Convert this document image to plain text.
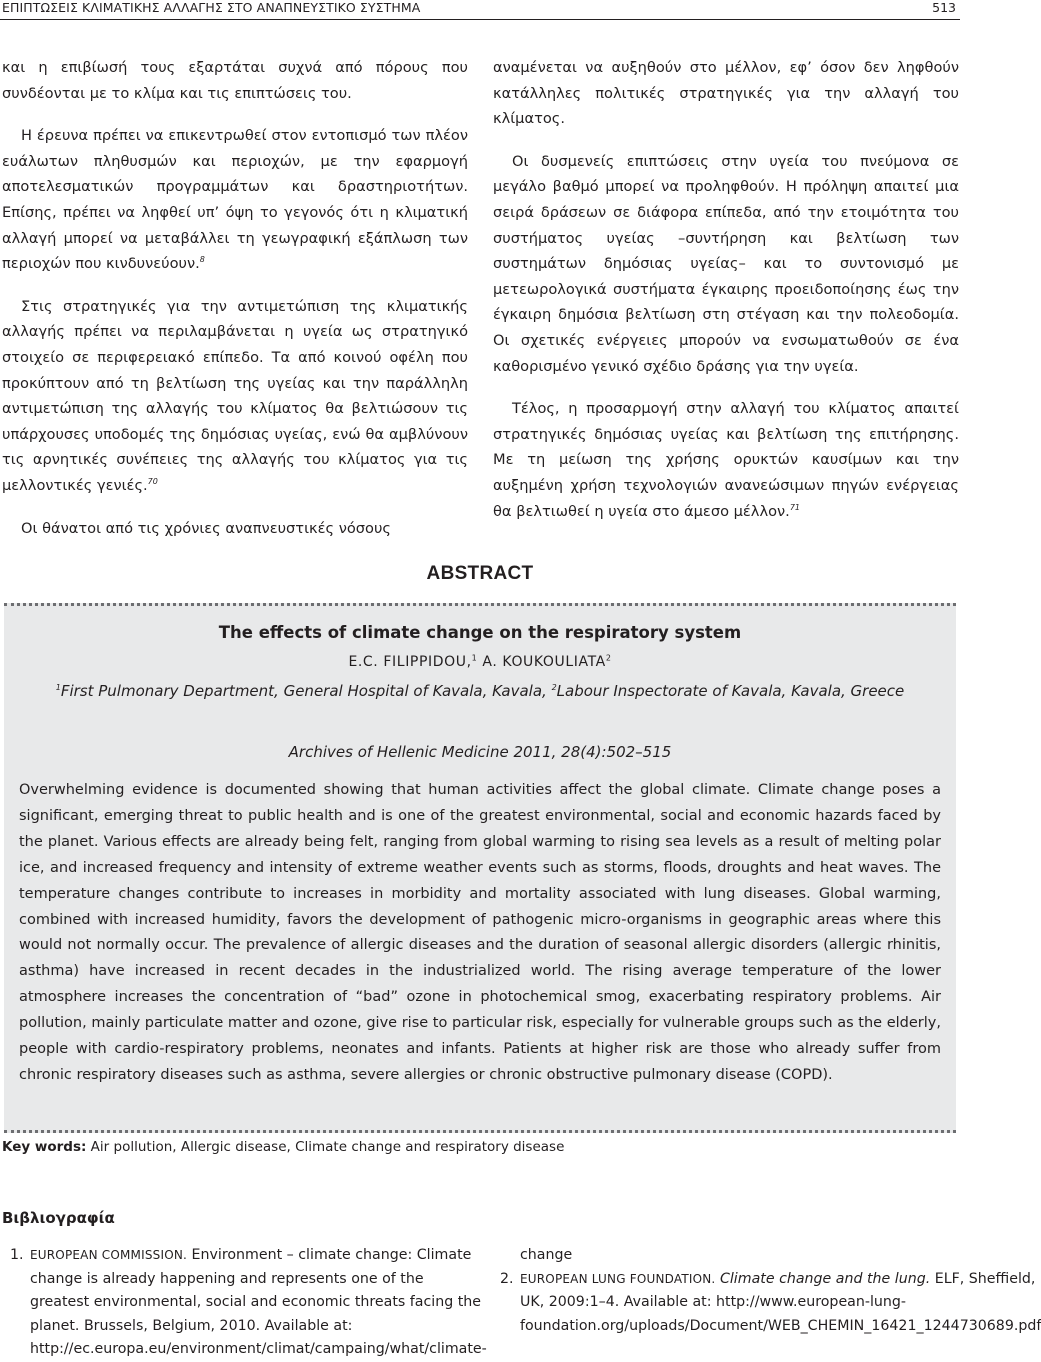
ΕΠΙΠΤΩΣΕΙΣ ΚΛΙΜΑΤΙΚΗΣ ΑΛΛΑΓΗΣ ΣΤΟ ΑΝΑΠΝΕΥΣΤΙΚΟ ΣΥΣΤΗΜΑ	513

και η επιβίωσή τους εξαρτάται συχνά από πόρους που συνδέονται με το κλίμα και τις επιπτώσεις του.

Η έρευνα πρέπει να επικεντρωθεί στον εντοπισμό των πλέον ευάλωτων πληθυσμών και περιοχών, με την εφαρμογή αποτελεσματικών προγραμμάτων και δραστηριοτήτων. Επίσης, πρέπει να ληφθεί υπ’ όψη το γεγονός ότι η κλιματική αλλαγή μπορεί να μεταβάλλει τη γεωγραφική εξάπλωση των περιοχών που κινδυνεύουν.$^8$

Στις στρατηγικές για την αντιμετώπιση της κλιματικής αλλαγής πρέπει να περιλαμβάνεται η υγεία ως στρατηγικό στοιχείο σε περιφερειακό επίπεδο. Τα από κοινού οφέλη που προκύπτουν από τη βελτίωση της υγείας και την παράλληλη αντιμετώπιση της αλλαγής του κλίματος θα βελτιώσουν τις υπάρχουσες υποδομές της δημόσιας υγείας, ενώ θα αμβλύνουν τις αρνητικές συνέπειες της αλλαγής του κλίματος για τις μελλοντικές γενιές.$^{70}$

Οι θάνατοι από τις χρόνιες αναπνευστικές νόσους

αναμένεται να αυξηθούν στο μέλλον, εφ’ όσον δεν ληφθούν κατάλληλες πολιτικές στρατηγικές για την αλλαγή του κλίματος.

Οι δυσμενείς επιπτώσεις στην υγεία του πνεύμονα σε μεγάλο βαθμό μπορεί να προληφθούν. Η πρόληψη απαιτεί μια σειρά δράσεων σε διάφορα επίπεδα, από την ετοιμότητα του συστήματος υγείας –συντήρηση και βελτίωση των συστημάτων δημόσιας υγείας– και το συντονισμό με μετεωρολογικά συστήματα έγκαιρης προειδοποίησης έως την έγκαιρη δημόσια βελτίωση στη στέγαση και την πολεοδομία. Οι σχετικές ενέργειες μπορούν να ενσωματωθούν σε ένα καθορισμένο γενικό σχέδιο δράσης για την υγεία.

Τέλος, η προσαρμογή στην αλλαγή του κλίματος απαιτεί στρατηγικές δημόσιας υγείας και βελτίωση της επιτήρησης. Με τη μείωση της χρήσης ορυκτών καυσίμων και την αυξημένη χρήση τεχνολογιών ανανεώσιμων πηγών ενέργειας θα βελτιωθεί η υγεία στο άμεσο μέλλον.$^{71}$

ABSTRACT
The effects of climate change on the respiratory system
E.C. FILIPPIDOU,$^1$ A. KOUKOULIATA$^2$
$^1$First Pulmonary Department, General Hospital of Kavala, Kavala, $^2$Labour Inspectorate of Kavala, Kavala, Greece
Archives of Hellenic Medicine 2011, 28(4):502–515
Overwhelming evidence is documented showing that human activities affect the global climate. Climate change poses a significant, emerging threat to public health and is one of the greatest environmental, social and economic hazards faced by the planet. Various effects are already being felt, ranging from global warming to rising sea levels as a result of melting polar ice, and increased frequency and intensity of extreme weather events such as storms, floods, droughts and heat waves. The temperature changes contribute to increases in morbidity and mortality associated with lung diseases. Global warming, combined with increased humidity, favors the development of pathogenic micro-organisms in geographic areas where this would not normally occur. The prevalence of allergic diseases and the duration of seasonal allergic disorders (allergic rhinitis, asthma) have increased in recent decades in the industrialized world. The rising average temperature of the lower atmosphere increases the concentration of “bad” ozone in photochemical smog, exacerbating respiratory problems. Air pollution, mainly particulate matter and ozone, give rise to particular risk, especially for vulnerable groups such as the elderly, people with cardio-respiratory problems, neonates and infants. Patients at higher risk are those who already suffer from chronic respiratory diseases such as asthma, severe allergies or chronic obstructive pulmonary disease (COPD).
Key words: Air pollution, Allergic disease, Climate change and respiratory disease
Βιβλιογραφία
1. EUROPEAN COMMISSION. Environment – climate change: Climate change is already happening and represents one of the greatest environmental, social and economic threats facing the planet. Brussels, Belgium, 2010. Available at: http://ec.europa.eu/environment/climat/campaing/what/climate-
change
2. EUROPEAN LUNG FOUNDATION. Climate change and the lung. ELF, Sheffield, UK, 2009:1–4. Available at: http://www.european-lung-foundation.org/uploads/Document/WEB_CHEMIN_16421_1244730689.pdf
